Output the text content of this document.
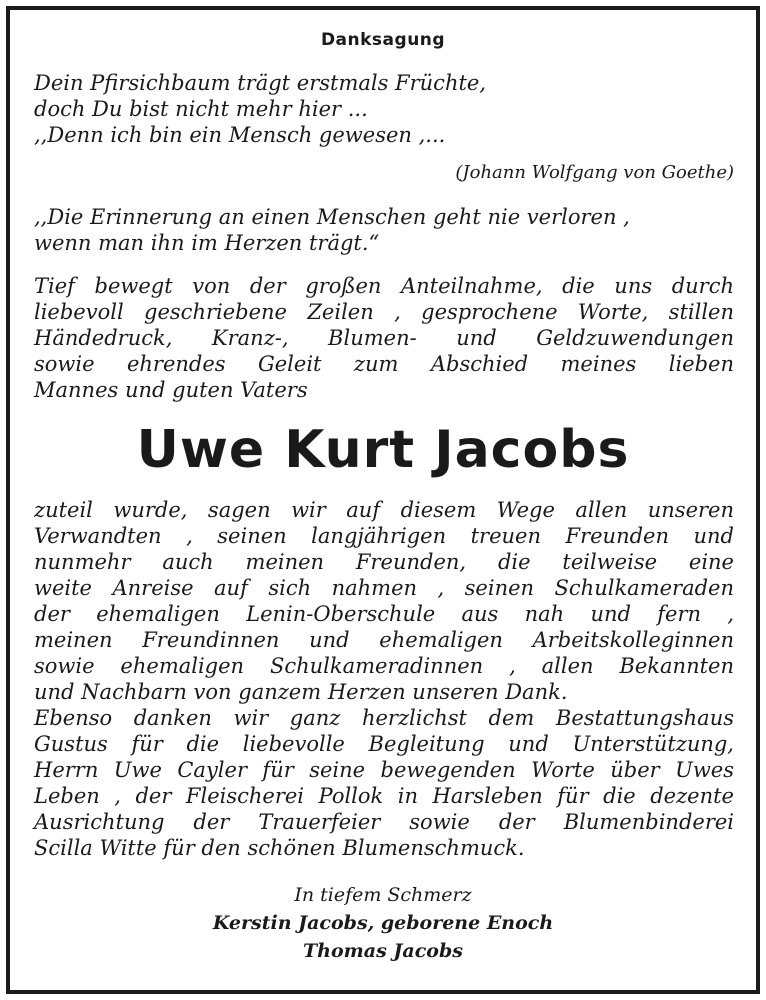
Danksagung
Dein Pfirsichbaum trägt erstmals Früchte,
doch Du bist nicht mehr hier ...
,,Denn ich bin ein Mensch gewesen ,...
(Johann Wolfgang von Goethe)
,,Die Erinnerung an einen Menschen geht nie verloren ,
wenn man ihn im Herzen trägt.“
Tief bewegt von der großen Anteilnahme, die uns durch
liebevoll geschriebene Zeilen , gesprochene Worte, stillen
Händedruck, Kranz-, Blumen- und Geldzuwendungen
sowie ehrendes Geleit zum Abschied meines lieben
Mannes und guten Vaters
Uwe Kurt Jacobs
zuteil wurde, sagen wir auf diesem Wege allen unseren
Verwandten , seinen langjährigen treuen Freunden und
nunmehr auch meinen Freunden, die teilweise eine
weite Anreise auf sich nahmen , seinen Schulkameraden
der ehemaligen Lenin-Oberschule aus nah und fern ,
meinen Freundinnen und ehemaligen Arbeitskolleginnen
sowie ehemaligen Schulkameradinnen , allen Bekannten
und Nachbarn von ganzem Herzen unseren Dank.
Ebenso danken wir ganz herzlichst dem Bestattungshaus
Gustus für die liebevolle Begleitung und Unterstützung,
Herrn Uwe Cayler für seine bewegenden Worte über Uwes
Leben , der Fleischerei Pollok in Harsleben für die dezente
Ausrichtung der Trauerfeier sowie der Blumenbinderei
Scilla Witte für den schönen Blumenschmuck.
In tiefem Schmerz
Kerstin Jacobs, geborene Enoch
Thomas Jacobs
